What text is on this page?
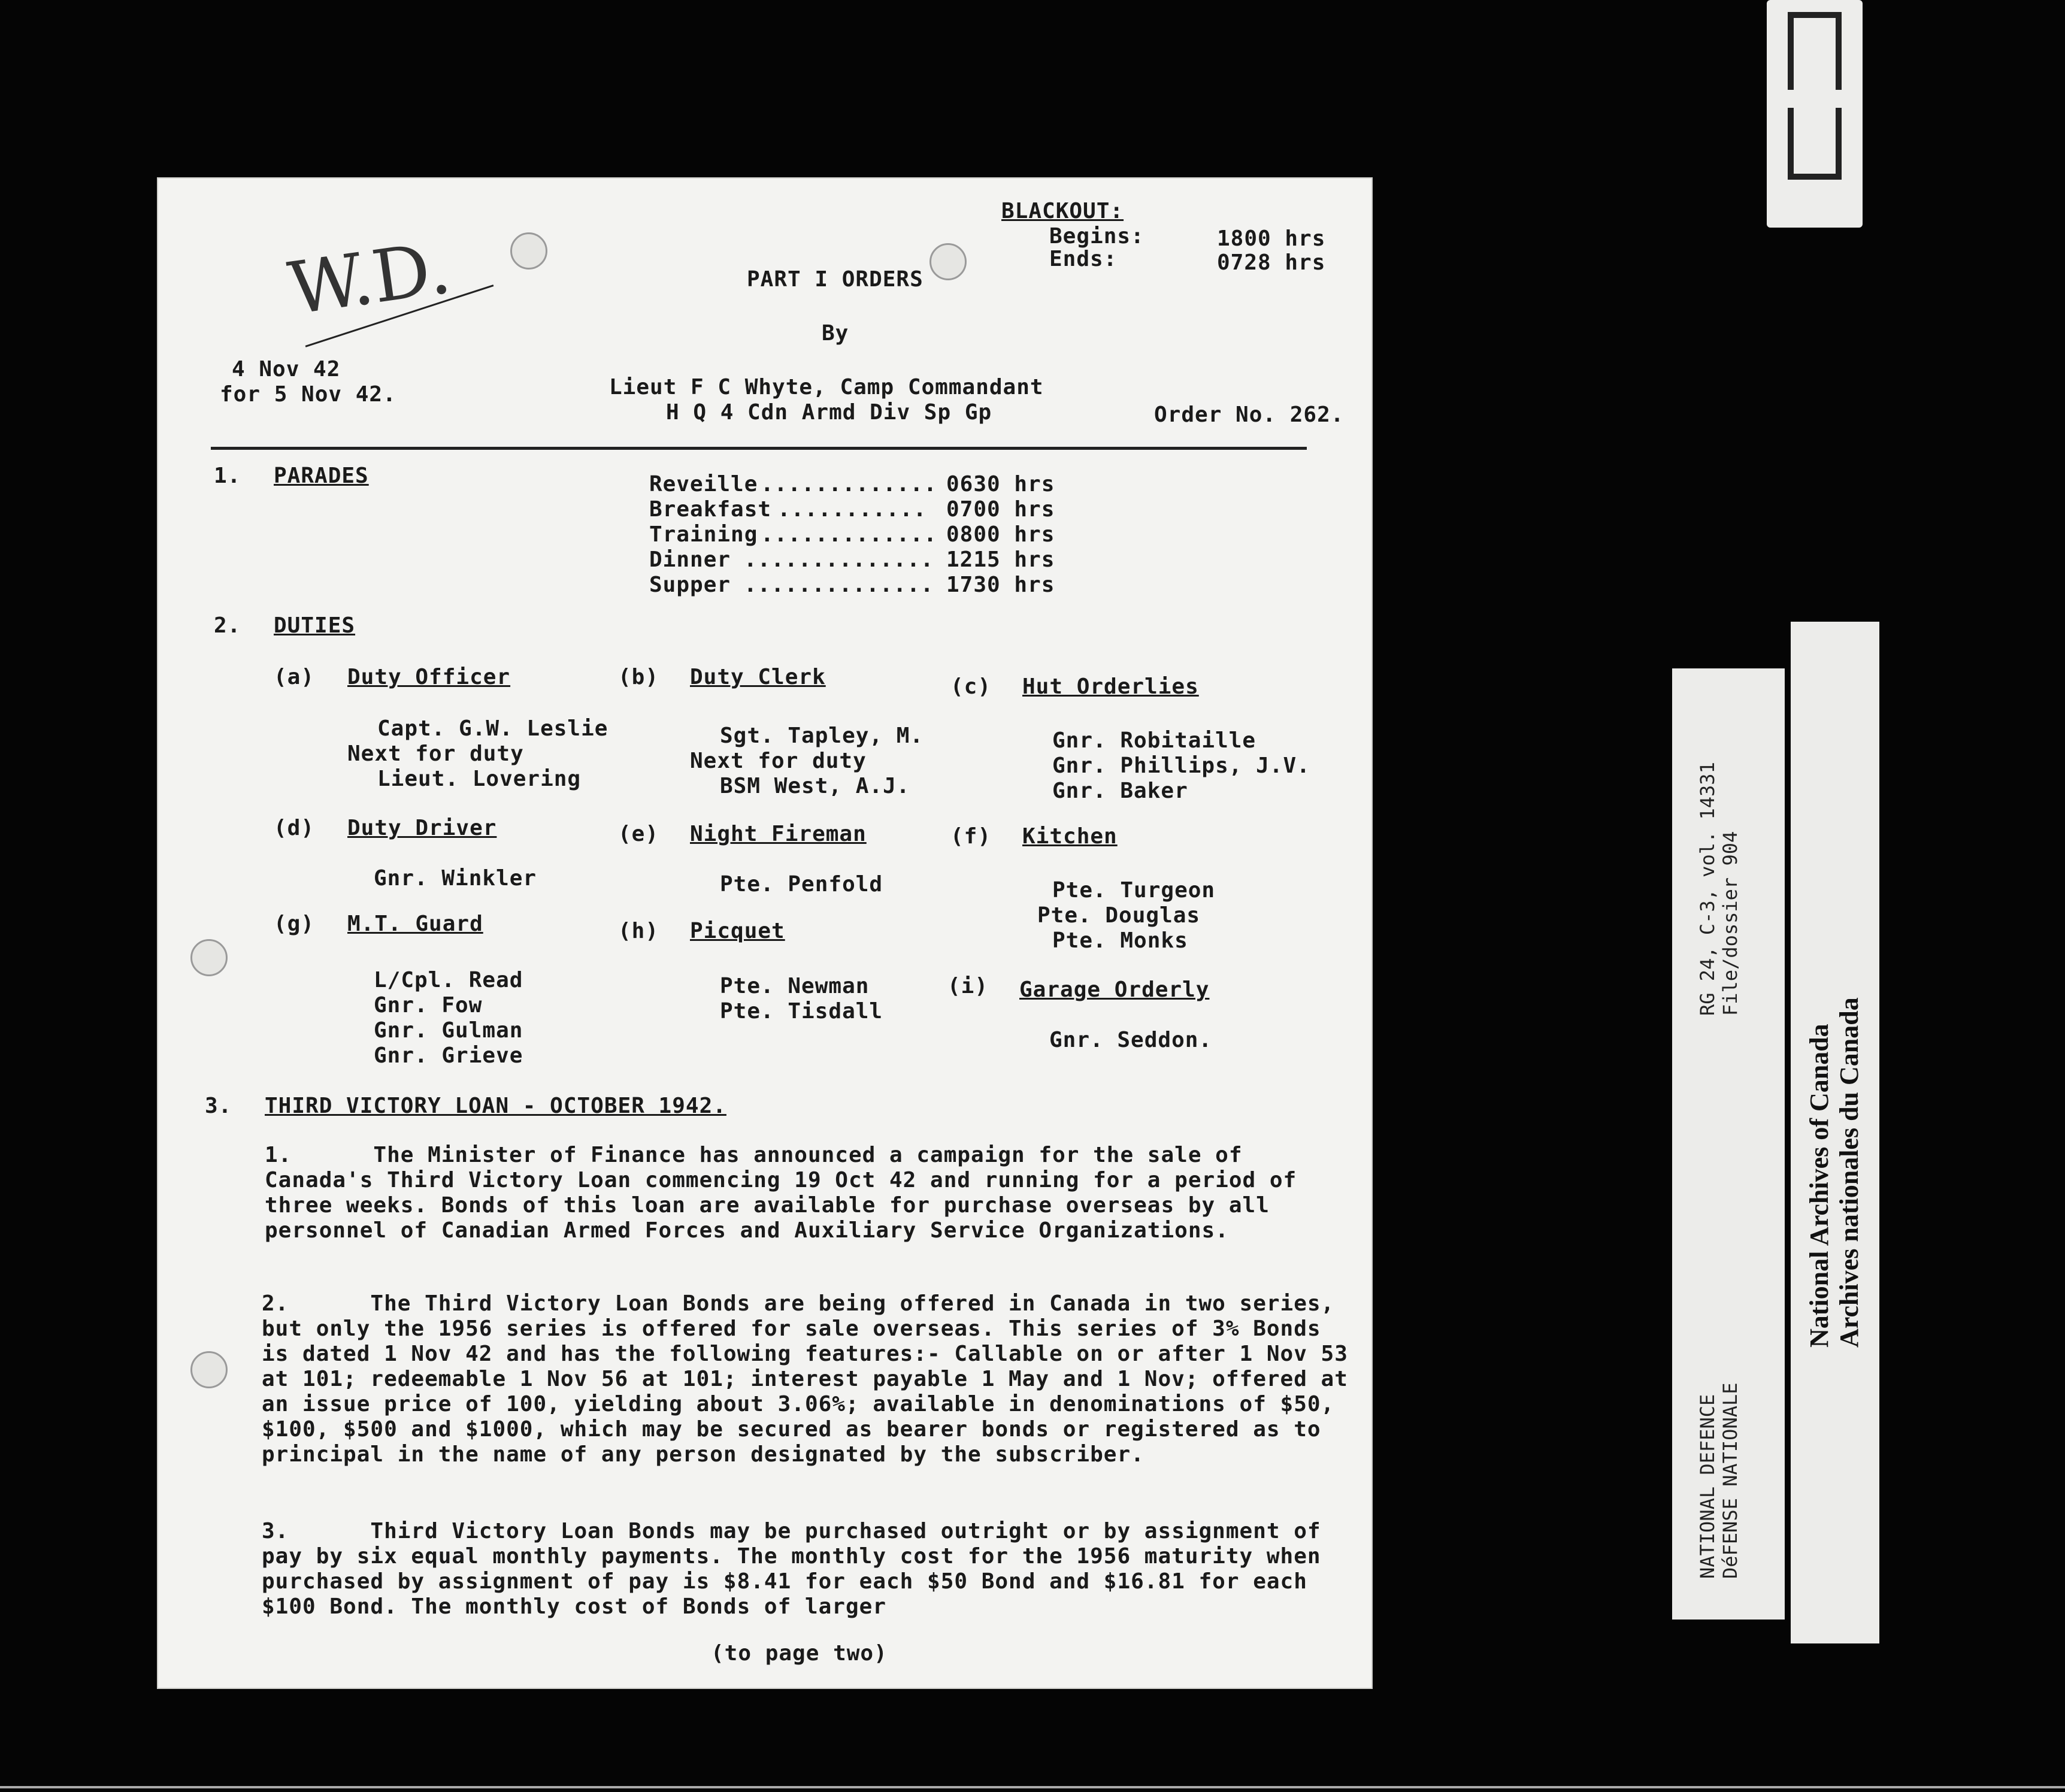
W.D.
BLACKOUT:
Begins:	1800 hrs
Ends:	0728 hrs
PART I ORDERS
By
4 Nov 42
for 5 Nov 42.	Lieut F C Whyte, Camp Commandant
H Q 4 Cdn Armd Div Sp Gp	Order No. 262.
1. PARADES	Reveille ............. 0630 hrs
Breakfast ........... 0700 hrs
Training ............. 0800 hrs
Dinner .............. 1215 hrs
Supper .............. 1730 hrs
2. DUTIES
(a) Duty Officer
Capt. G.W. Leslie
Next for duty
Lieut. Lovering
(b) Duty Clerk
Sgt. Tapley, M.
Next for duty
BSM West, A.J.
(c) Hut Orderlies
Gnr. Robitaille
Gnr. Phillips, J.V.
Gnr. Baker
(d) Duty Driver
Gnr. Winkler
(e) Night Fireman
Pte. Penfold
(f) Kitchen
Pte. Turgeon
Pte. Douglas
Pte. Monks
(g) M.T. Guard
L/Cpl. Read
Gnr. Fow
Gnr. Gulman
Gnr. Grieve
(h) Picquet
Pte. Newman
Pte. Tisdall
(i) Garage Orderly
Gnr. Seddon.
3. THIRD VICTORY LOAN - OCTOBER 1942.
1.      The Minister of Finance has announced a campaign for the sale of Canada's Third Victory Loan commencing 19 Oct 42 and running for a period of three weeks. Bonds of this loan are available for purchase overseas by all personnel of Canadian Armed Forces and Auxiliary Service Organizations.
2.      The Third Victory Loan Bonds are being offered in Canada in two series, but only the 1956 series is offered for sale overseas. This series of 3% Bonds is dated 1 Nov 42 and has the following features:- Callable on or after 1 Nov 53 at 101; redeemable 1 Nov 56 at 101; interest payable 1 May and 1 Nov; offered at an issue price of 100, yielding about 3.06%; available in denominations of $50, $100, $500 and $1000, which may be secured as bearer bonds or registered as to principal in the name of any person designated by the subscriber.
3.      Third Victory Loan Bonds may be purchased outright or by assignment of pay by six equal monthly payments. The monthly cost for the 1956 maturity when purchased by assignment of pay is $8.41 for each $50 Bond and $16.81 for each $100 Bond. The monthly cost of Bonds of larger
(to page two)
RG 24, C-3, vol. 14331 File/dossier 904
NATIONAL DEFENCE DéFENSE NATIONALE
National Archives of Canada Archives nationales du Canada
